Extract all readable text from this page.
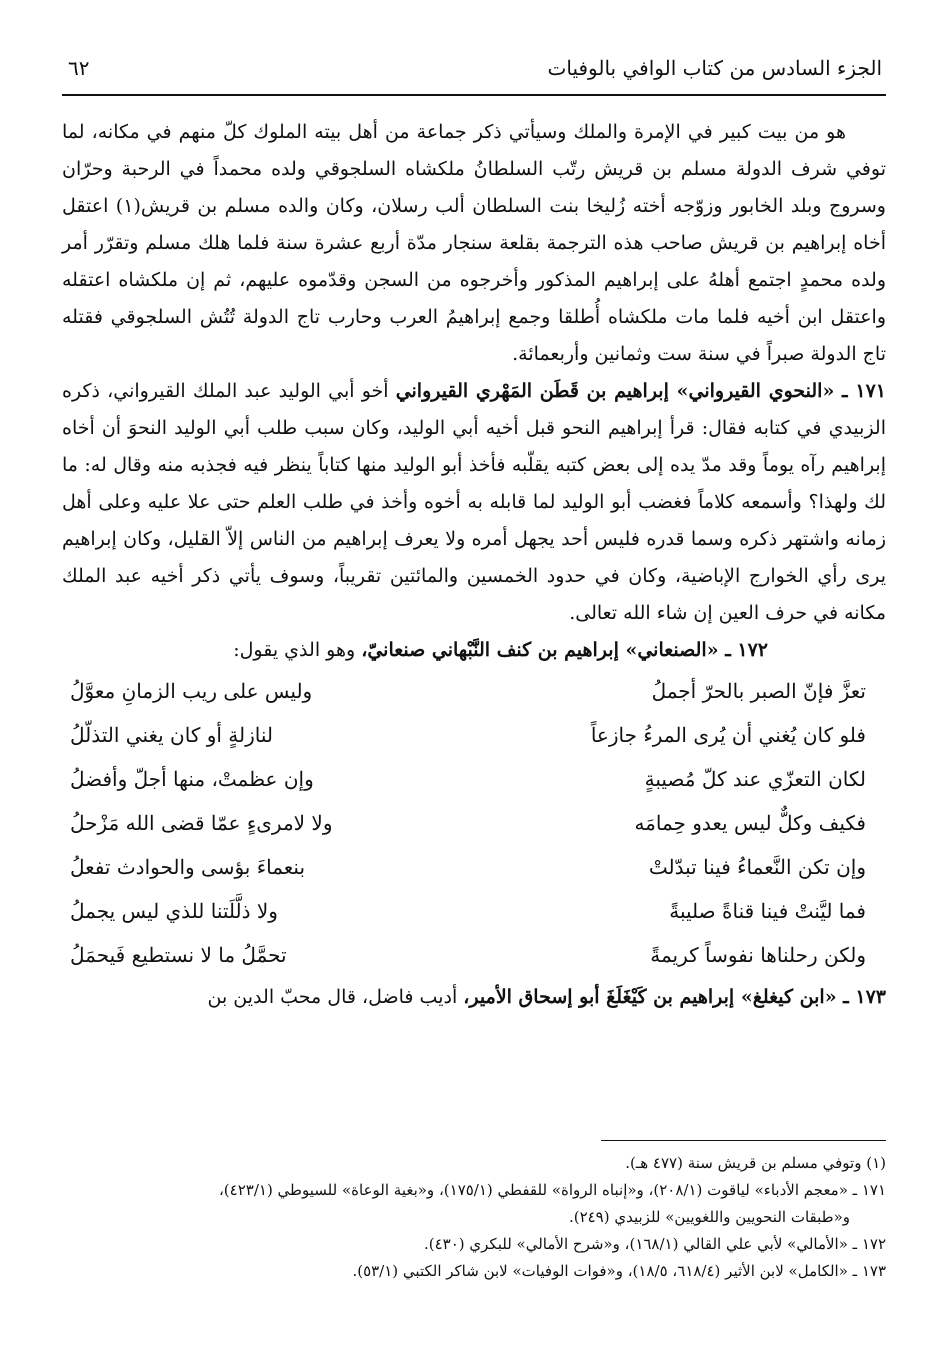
الجزء السادس من كتاب الوافي بالوفيات
٦٢

هو من بيت كبير في الإمرة والملك وسيأتي ذكر جماعة من أهل بيته الملوك كلّ منهم في مكانه، لما توفي شرف الدولة مسلم بن قريش رتّب السلطانُ ملكشاه السلجوقي ولده محمداً في الرحبة وحرّان وسروج وبلد الخابور وزوّجه أخته زُليخا بنت السلطان ألب رسلان، وكان والده مسلم بن قريش(١) اعتقل أخاه إبراهيم بن قريش صاحب هذه الترجمة بقلعة سنجار مدّة أربع عشرة سنة فلما هلك مسلم وتقرّر أمر ولده محمدٍ اجتمع أهلهُ على إبراهيم المذكور وأخرجوه من السجن وقدّموه عليهم، ثم إن ملكشاه اعتقله واعتقل ابن أخيه فلما مات ملكشاه أُطلقا وجمع إبراهيمُ العرب وحارب تاج الدولة تُتُش السلجوقي فقتله تاج الدولة صبراً في سنة ست وثمانين وأربعمائة.

١٧١ ـ «النحوي القيرواني» إبراهيم بن قَطَن المَهْري القيرواني أخو أبي الوليد عبد الملك القيرواني، ذكره الزبيدي في كتابه فقال: قرأ إبراهيم النحو قبل أخيه أبي الوليد، وكان سبب طلب أبي الوليد النحوَ أن أخاه إبراهيم رآه يوماً وقد مدّ يده إلى بعض كتبه يقلّبه فأخذ أبو الوليد منها كتاباً ينظر فيه فجذبه منه وقال له: ما لك ولهذا؟ وأسمعه كلاماً فغضب أبو الوليد لما قابله به أخوه وأخذ في طلب العلم حتى علا عليه وعلى أهل زمانه واشتهر ذكره وسما قدره فليس أحد يجهل أمره ولا يعرف إبراهيم من الناس إلاّ القليل، وكان إبراهيم يرى رأي الخوارج الإباضية، وكان في حدود الخمسين والمائتين تقريباً، وسوف يأتي ذكر أخيه عبد الملك مكانه في حرف العين إن شاء الله تعالى.

١٧٢ ـ «الصنعاني» إبراهيم بن كنف النَّبْهاني صنعانيّ، وهو الذي يقول:

تعزَّ فإنّ الصبر بالحرّ أجملُ
وليس على ريب الزمانِ معوَّلُ
فلو كان يُغني أن يُرى المرءُ جازعاً
لنازلةٍ أو كان يغني التذلّلُ
لكان التعزّي عند كلّ مُصيبةٍ
وإن عظمتْ، منها أجلّ وأفضلُ
فكيف وكلٌّ ليس يعدو حِمامَه
ولا لامرىءٍ عمّا قضى الله مَزْحلُ
وإن تكن النَّعماءُ فينا تبدّلتْ
بنعماءَ بؤسى والحوادث تفعلُ
فما ليَّنتْ فينا قناةً صليبةً
ولا ذلَّلَتنا للذي ليس يجملُ
ولكن رحلناها نفوساً كريمةً
تحمَّلُ ما لا نستطيع فَيحمَلُ

١٧٣ ـ «ابن كيغلغ» إبراهيم بن كَيْغَلَغَ أبو إسحاق الأمير، أديب فاضل، قال محبّ الدين بن

(١) وتوفي مسلم بن قريش سنة (٤٧٧ هـ).

١٧١ ـ «معجم الأدباء» لياقوت (٢٠٨/١)، و«إنباه الرواة» للقفطي (١٧٥/١)، و«بغية الوعاة» للسيوطي (٤٢٣/١)،

و«طبقات النحويين واللغويين» للزبيدي (٢٤٩).

١٧٢ ـ «الأمالي» لأبي علي القالي (١٦٨/١)، و«شرح الأمالي» للبكري (٤٣٠).

١٧٣ ـ «الكامل» لابن الأثير (٦١٨/٤، ١٨/٥)، و«فوات الوفيات» لابن شاكر الكتبي (٥٣/١).
